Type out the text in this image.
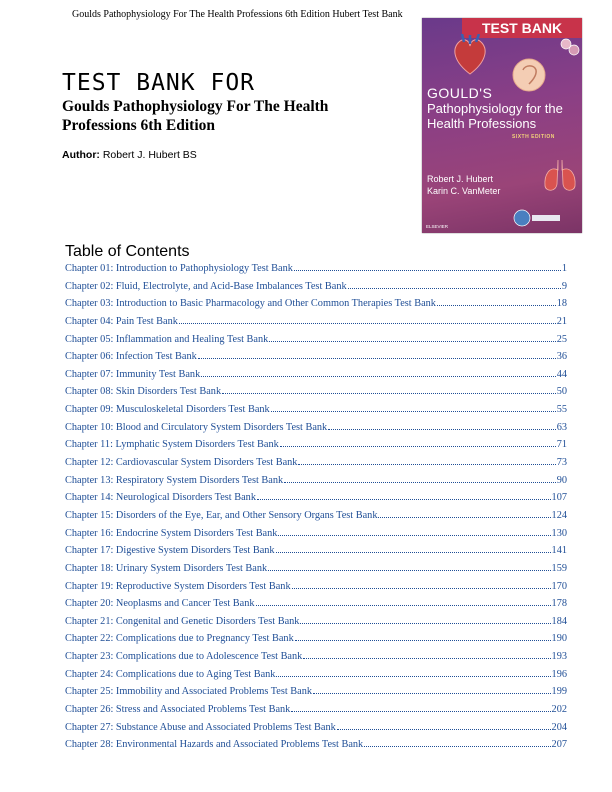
Goulds Pathophysiology For The Health Professions 6th Edition Hubert Test Bank
TEST BANK FOR
Goulds Pathophysiology For The Health Professions 6th Edition
Author: Robert J. Hubert BS
TEST BANK
GOULD'S
Pathophysiology for the
Health Professions
SIXTH EDITION
Robert J. Hubert
Karin C. VanMeter
ELSEVIER
Table of Contents
Chapter 01: Introduction to Pathophysiology Test Bank	1
Chapter 02: Fluid, Electrolyte, and Acid-Base Imbalances Test Bank	9
Chapter 03: Introduction to Basic Pharmacology and Other Common Therapies Test Bank	18
Chapter 04: Pain Test Bank	21
Chapter 05: Inflammation and Healing Test Bank	25
Chapter 06: Infection Test Bank	36
Chapter 07: Immunity Test Bank	44
Chapter 08: Skin Disorders Test Bank	50
Chapter 09: Musculoskeletal Disorders Test Bank	55
Chapter 10: Blood and Circulatory System Disorders Test Bank	63
Chapter 11: Lymphatic System Disorders Test Bank	71
Chapter 12: Cardiovascular System Disorders Test Bank	73
Chapter 13: Respiratory System Disorders Test Bank	90
Chapter 14: Neurological Disorders Test Bank	107
Chapter 15: Disorders of the Eye, Ear, and Other Sensory Organs Test Bank	124
Chapter 16: Endocrine System Disorders Test Bank	130
Chapter 17: Digestive System Disorders Test Bank	141
Chapter 18: Urinary System Disorders Test Bank	159
Chapter 19: Reproductive System Disorders Test Bank	170
Chapter 20: Neoplasms and Cancer Test Bank	178
Chapter 21: Congenital and Genetic Disorders Test Bank	184
Chapter 22: Complications due to Pregnancy Test Bank	190
Chapter 23: Complications due to Adolescence Test Bank	193
Chapter 24: Complications due to Aging Test Bank	196
Chapter 25: Immobility and Associated Problems Test Bank	199
Chapter 26: Stress and Associated Problems Test Bank	202
Chapter 27: Substance Abuse and Associated Problems Test Bank	204
Chapter 28: Environmental Hazards and Associated Problems Test Bank	207
